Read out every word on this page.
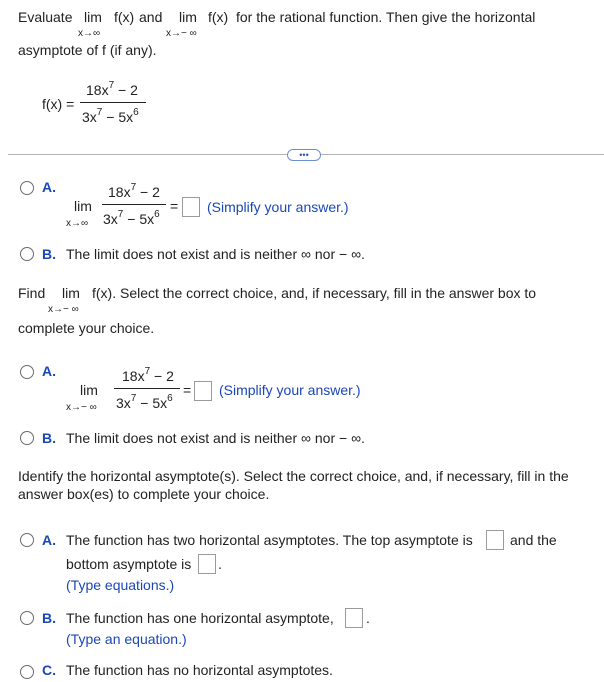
Evaluate lim f(x) and
x→∞
lim f(x)
x→− ∞
for the rational function. Then give the horizontal
asymptote of f (if any).
f(x) =
$18x^7 - 2$
$3x^7 - 5x^6$
•••
A.
lim
x→∞
$18x^7 - 2$
$3x^7 - 5x^6$
= (Simplify your answer.)
B. The limit does not exist and is neither ∞ nor − ∞.
Find lim
x→− ∞
f(x). Select the correct choice, and, if necessary, fill in the answer box to
complete your choice.
A.
lim
x→− ∞
$18x^7 - 2$
$3x^7 - 5x^6$
= (Simplify your answer.)
B. The limit does not exist and is neither ∞ nor − ∞.
Identify the horizontal asymptote(s). Select the correct choice, and, if necessary, fill in the
answer box(es) to complete your choice.
A. The function has two horizontal asymptotes. The top asymptote is	and the
bottom asymptote is .
(Type equations.)
B. The function has one horizontal asymptote, .
(Type an equation.)
C. The function has no horizontal asymptotes.
